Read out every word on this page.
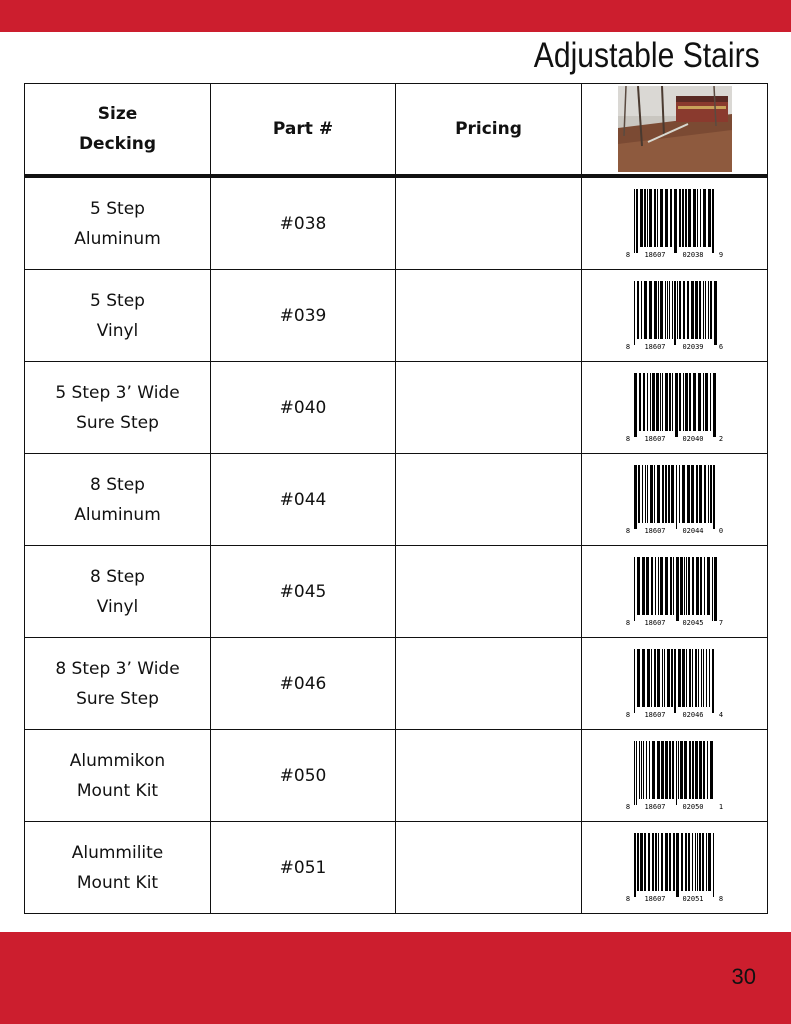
Adjustable Stairs
Size
Decking	Part #	Pricing	

5 Step
Aluminum	#038		8 18607 02038 9

5 Step
Vinyl	#039		8 18607 02039 6

5 Step 3’ Wide
Sure Step	#040		8 18607 02040 2

8 Step
Aluminum	#044		8 18607 02044 0

8 Step
Vinyl	#045		8 18607 02045 7

8 Step 3’ Wide
Sure Step	#046		8 18607 02046 4

Alummikon
Mount Kit	#050		8 18607 02050 1

Alummilite
Mount Kit	#051		8 18607 02051 8
30
